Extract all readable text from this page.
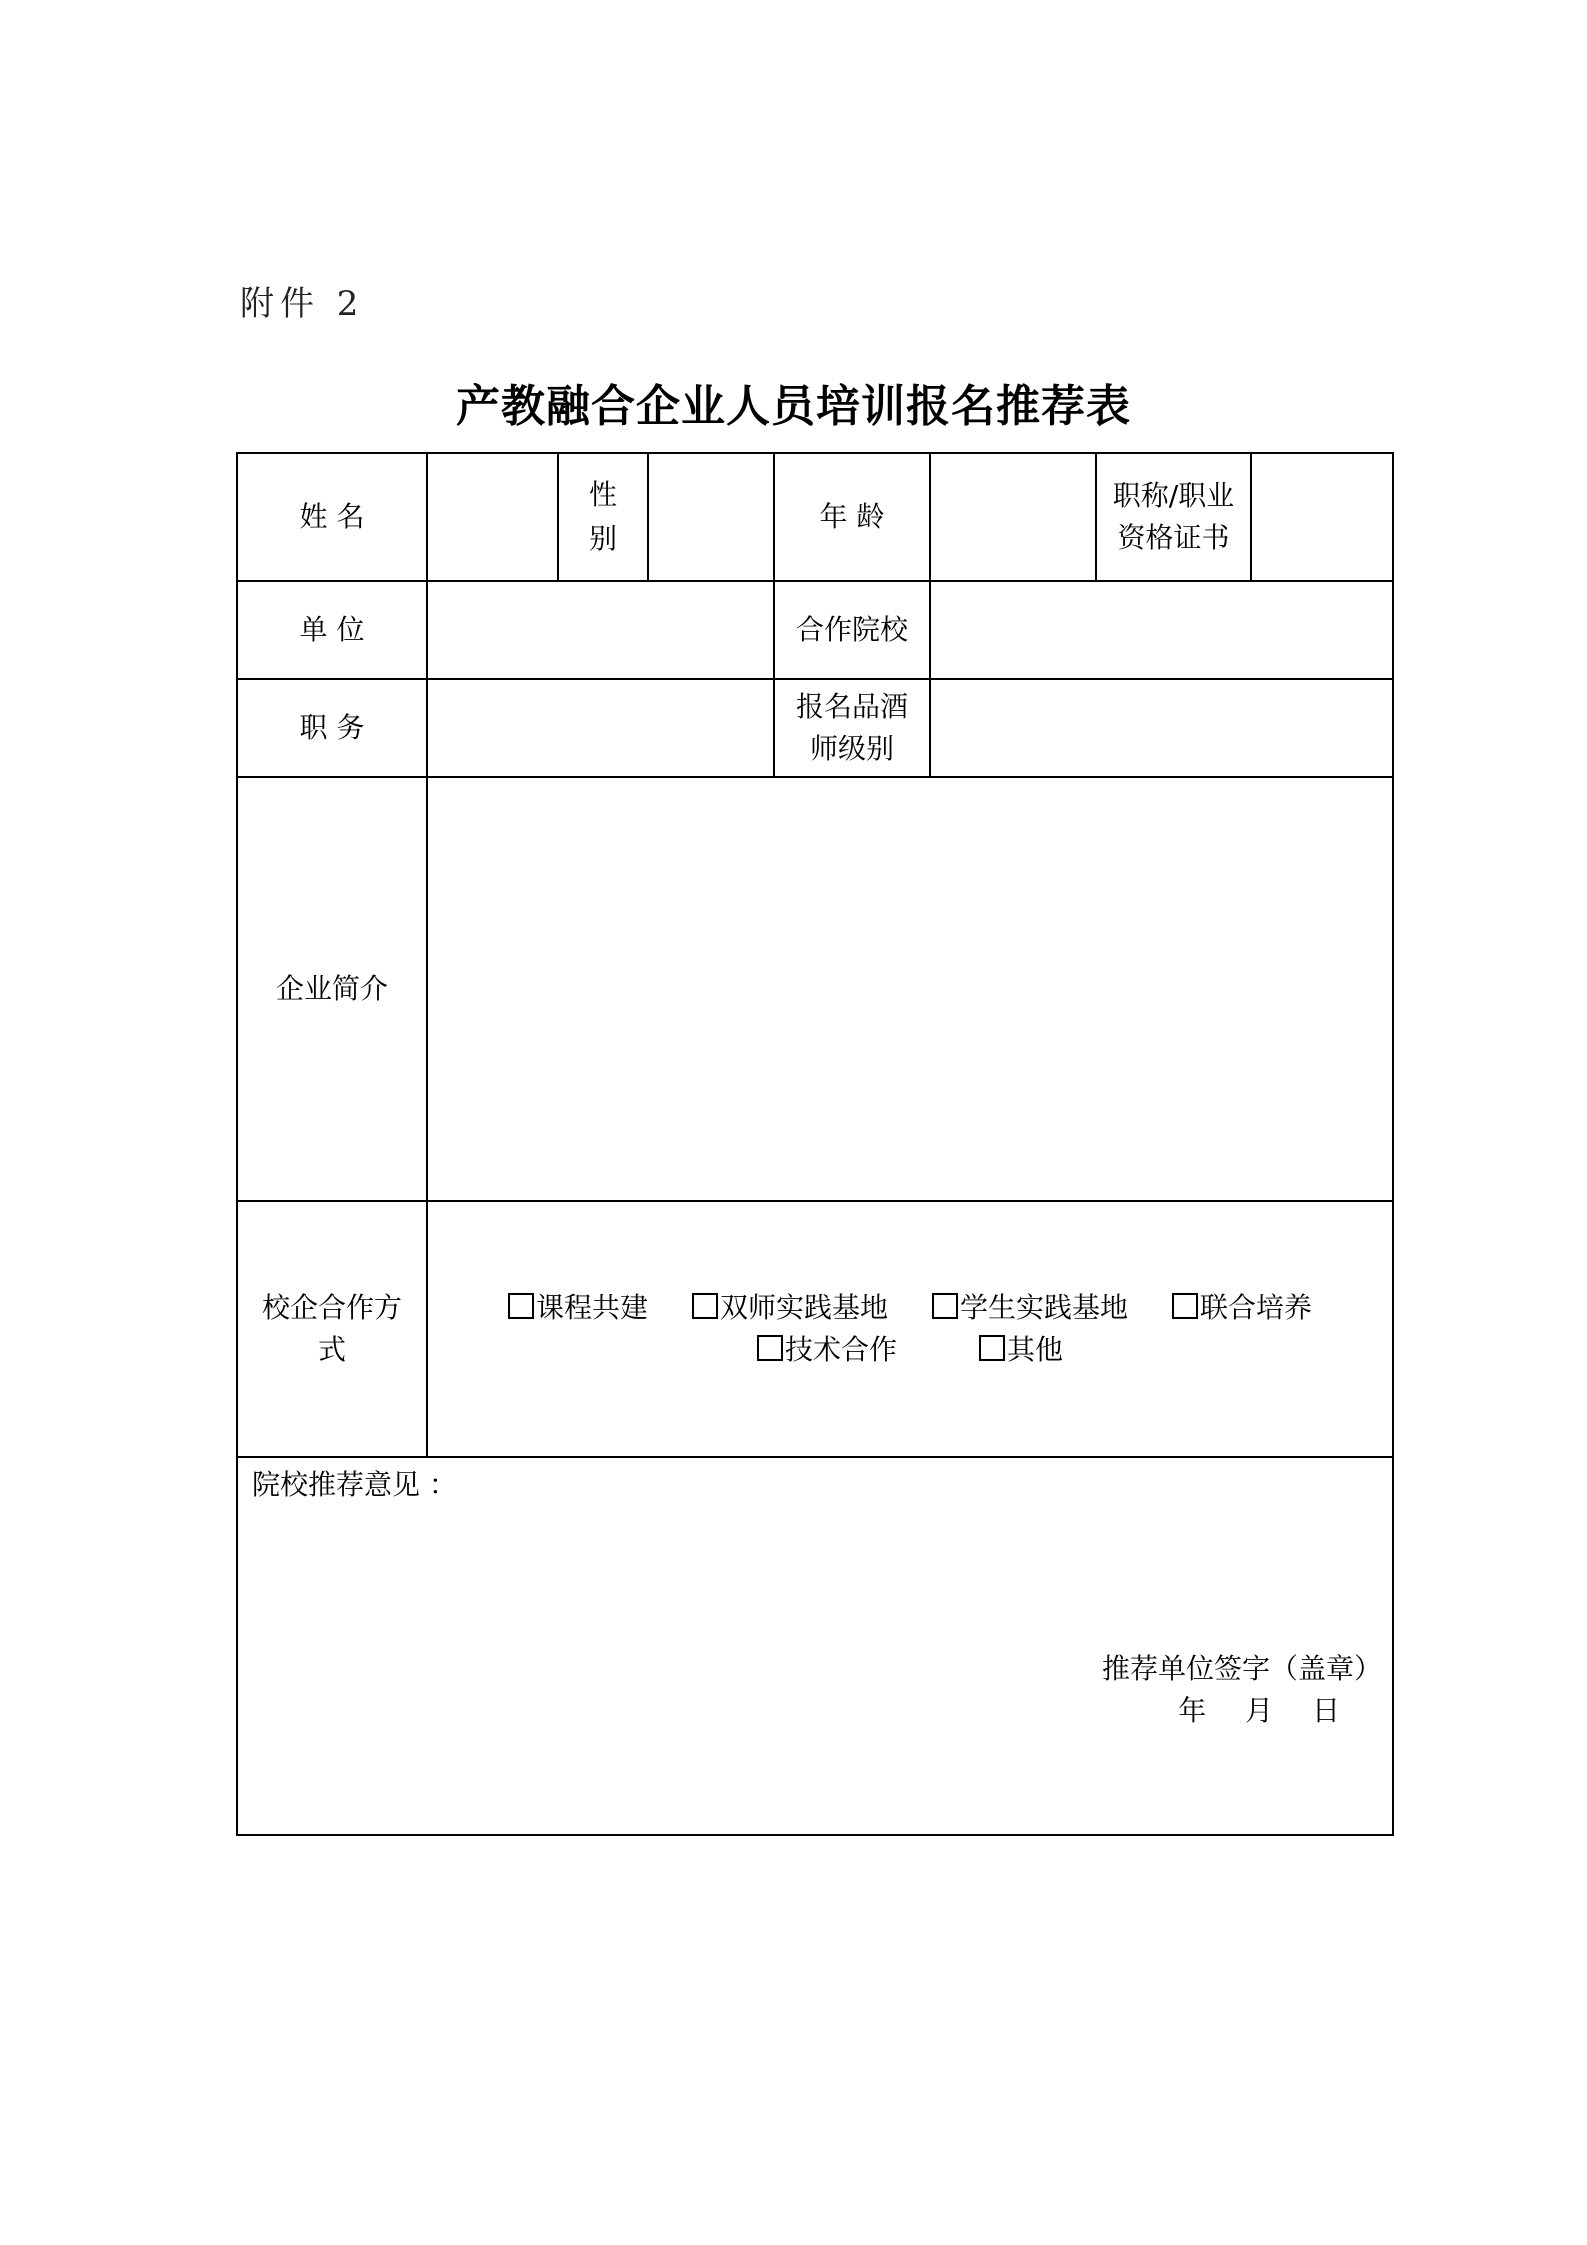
附件 2
产教融合企业人员培训报名推荐表
姓 名		性别		年 龄		职称/职业资格证书	

单 位				合作院校			
职 务				报名品酒师级别			

企业简介							

校企合作方式	课程共建 双师实践基地 学生实践基地 联合培养
技术合作 其他						

院校推荐意见 ：
推荐单位签字（盖章）
年 月 日							
